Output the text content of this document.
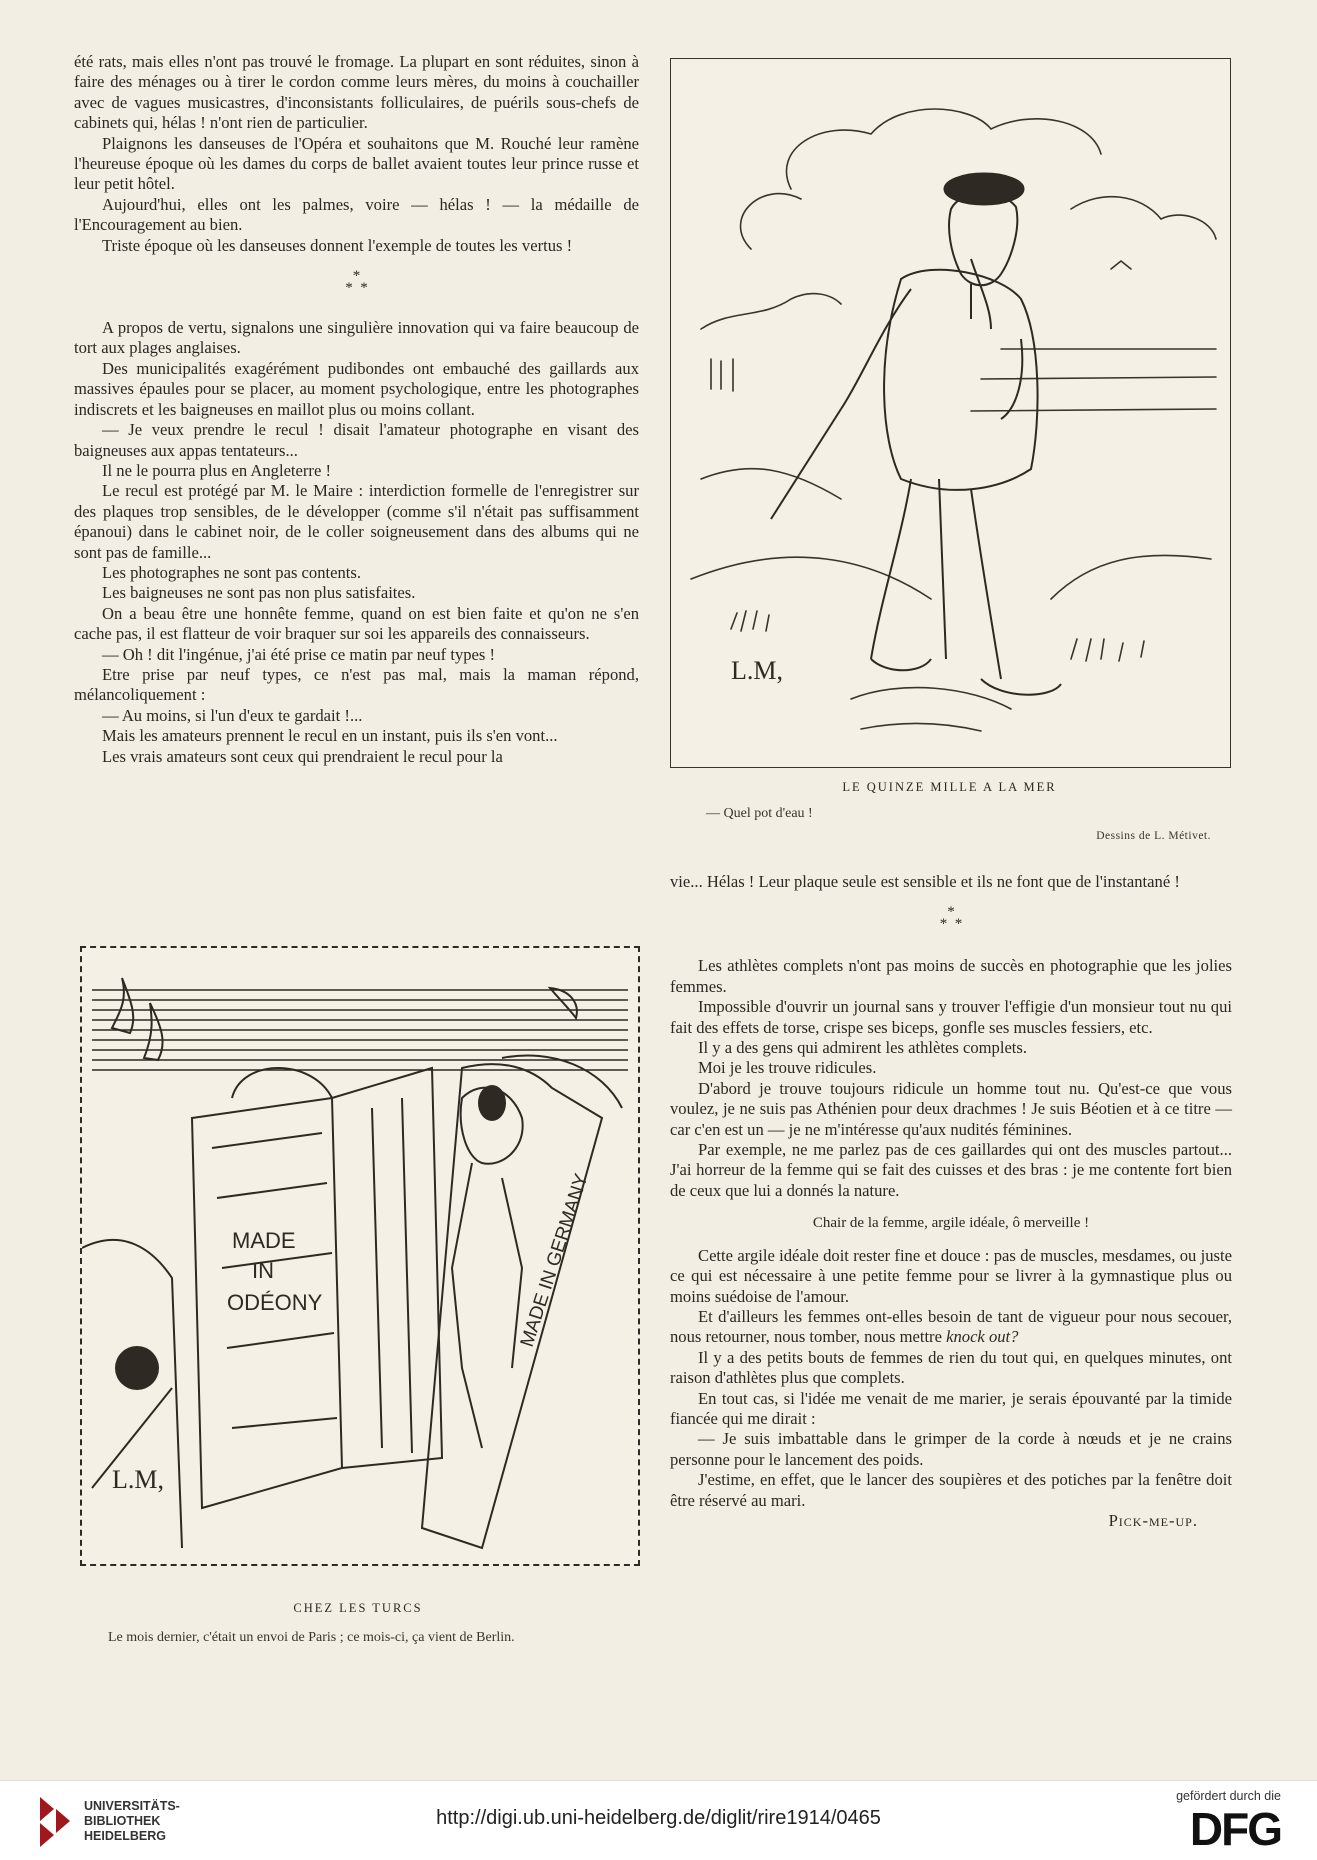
été rats, mais elles n'ont pas trouvé le fromage. La plupart en sont réduites, sinon à faire des ménages ou à tirer le cordon comme leurs mères, du moins à couchailler avec de vagues musicastres, d'inconsistants folliculaires, de puérils sous-chefs de cabinets qui, hélas ! n'ont rien de particulier.

Plaignons les danseuses de l'Opéra et souhaitons que M. Rouché leur ramène l'heureuse époque où les dames du corps de ballet avaient toutes leur prince russe et leur petit hôtel.

Aujourd'hui, elles ont les palmes, voire — hélas ! — la médaille de l'Encouragement au bien.

Triste époque où les danseuses donnent l'exemple de toutes les vertus !

*
*  *

A propos de vertu, signalons une singulière innovation qui va faire beaucoup de tort aux plages anglaises.

Des municipalités exagérément pudibondes ont embauché des gaillards aux massives épaules pour se placer, au moment psychologique, entre les photographes indiscrets et les baigneuses en maillot plus ou moins collant.

— Je veux prendre le recul ! disait l'amateur photographe en visant des baigneuses aux appas tentateurs...

Il ne le pourra plus en Angleterre !

Le recul est protégé par M. le Maire : interdiction formelle de l'enregistrer sur des plaques trop sensibles, de le développer (comme s'il n'était pas suffisamment épanoui) dans le cabinet noir, de le coller soigneusement dans des albums qui ne sont pas de famille...

Les photographes ne sont pas contents.

Les baigneuses ne sont pas non plus satisfaites.

On a beau être une honnête femme, quand on est bien faite et qu'on ne s'en cache pas, il est flatteur de voir braquer sur soi les appareils des connaisseurs.

— Oh ! dit l'ingénue, j'ai été prise ce matin par neuf types !

Etre prise par neuf types, ce n'est pas mal, mais la maman répond, mélancoliquement :

— Au moins, si l'un d'eux te gardait !...

Mais les amateurs prennent le recul en un instant, puis ils s'en vont...

Les vrais amateurs sont ceux qui prendraient le recul pour la

L.M,
LE QUINZE MILLE A LA MER
— Quel pot d'eau !
Dessins de L. Métivet.

vie... Hélas ! Leur plaque seule est sensible et ils ne font que de l'instantané !

*
*  *

Les athlètes complets n'ont pas moins de succès en photographie que les jolies femmes.

Impossible d'ouvrir un journal sans y trouver l'effigie d'un monsieur tout nu qui fait des effets de torse, crispe ses biceps, gonfle ses muscles fessiers, etc.

Il y a des gens qui admirent les athlètes complets.

Moi je les trouve ridicules.

D'abord je trouve toujours ridicule un homme tout nu. Qu'est-ce que vous voulez, je ne suis pas Athénien pour deux drachmes ! Je suis Béotien et à ce titre — car c'en est un — je ne m'intéresse qu'aux nudités féminines.

Par exemple, ne me parlez pas de ces gaillardes qui ont des muscles partout... J'ai horreur de la femme qui se fait des cuisses et des bras : je me contente fort bien de ceux que lui a donnés la nature.

Chair de la femme, argile idéale, ô merveille !

Cette argile idéale doit rester fine et douce : pas de muscles, mesdames, ou juste ce qui est nécessaire à une petite femme pour se livrer à la gymnastique plus ou moins suédoise de l'amour.

Et d'ailleurs les femmes ont-elles besoin de tant de vigueur pour nous secouer, nous retourner, nous tomber, nous mettre knock out?

Il y a des petits bouts de femmes de rien du tout qui, en quelques minutes, ont raison d'athlètes plus que complets.

En tout cas, si l'idée me venait de me marier, je serais épouvanté par la timide fiancée qui me dirait :

— Je suis imbattable dans le grimper de la corde à nœuds et je ne crains personne pour le lancement des poids.

J'estime, en effet, que le lancer des soupières et des potiches par la fenêtre doit être réservé au mari.

Pick-me-up.

MADE
IN
ODÉONY	MADE IN GERMANY
L.M,
CHEZ LES TURCS
Le mois dernier, c'était un envoi de Paris ; ce mois-ci, ça vient de Berlin.
UNIVERSITÄTS-
BIBLIOTHEK
HEIDELBERG
http://digi.ub.uni-heidelberg.de/diglit/rire1914/0465
gefördert durch die
DFG
